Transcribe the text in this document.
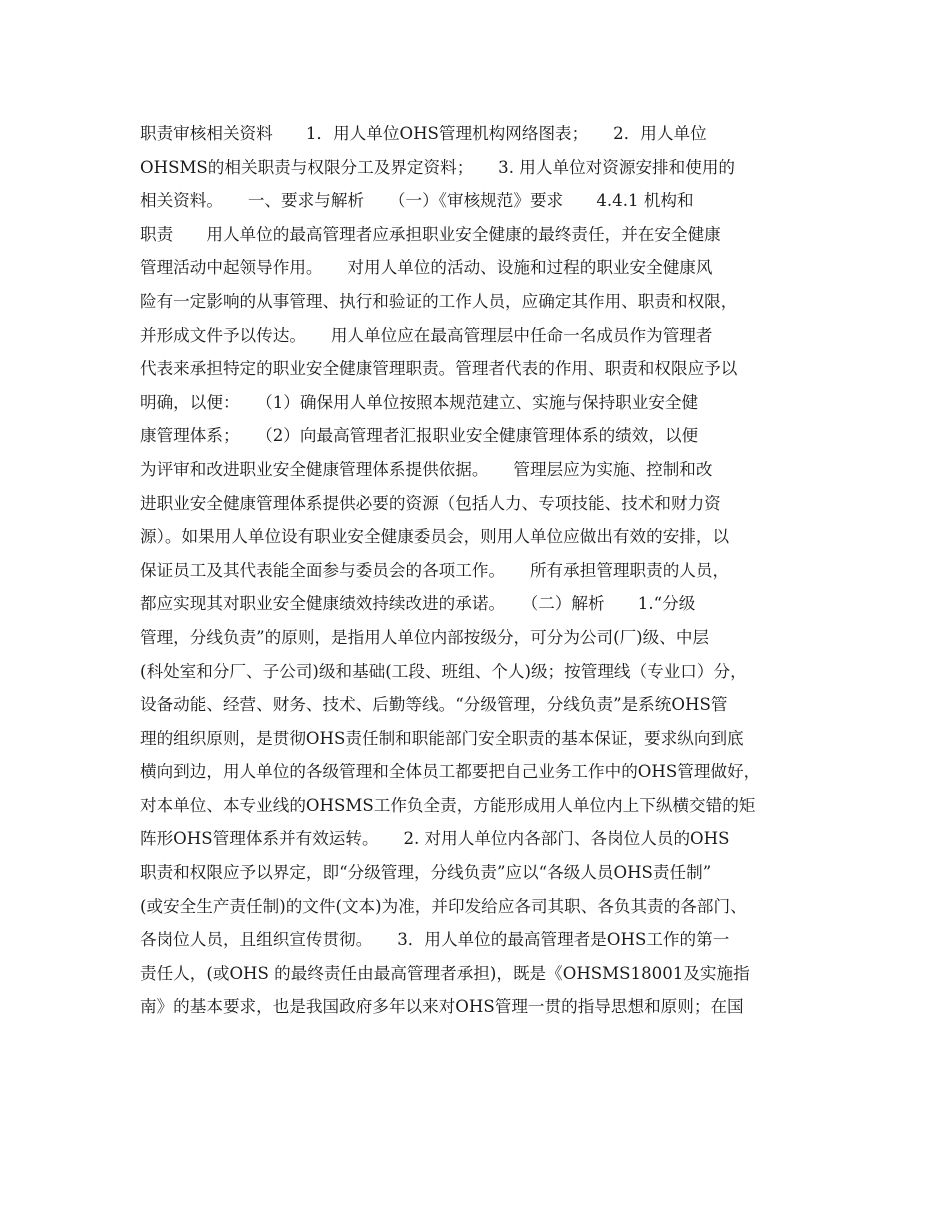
职责审核相关资料　　1．用人单位OHS管理机构网络图表；　　2．用人单位
OHSMS的相关职责与权限分工及界定资料；　　3. 用人单位对资源安排和使用的
相关资料。　　一、要求与解析　　（一）《审核规范》要求　　4.4.1 机构和
职责　　用人单位的最高管理者应承担职业安全健康的最终责任，并在安全健康
管理活动中起领导作用。　　对用人单位的活动、设施和过程的职业安全健康风
险有一定影响的从事管理、执行和验证的工作人员，应确定其作用、职责和权限，
并形成文件予以传达。　　用人单位应在最高管理层中任命一名成员作为管理者
代表来承担特定的职业安全健康管理职责。管理者代表的作用、职责和权限应予以
明确，以便：　　（1）确保用人单位按照本规范建立、实施与保持职业安全健
康管理体系；　　（2）向最高管理者汇报职业安全健康管理体系的绩效，以便
为评审和改进职业安全健康管理体系提供依据。　　管理层应为实施、控制和改
进职业安全健康管理体系提供必要的资源（包括人力、专项技能、技术和财力资
源）。如果用人单位设有职业安全健康委员会，则用人单位应做出有效的安排，以
保证员工及其代表能全面参与委员会的各项工作。　　所有承担管理职责的人员，
都应实现其对职业安全健康绩效持续改进的承诺。　　（二）解析　　1.“分级
管理，分线负责”的原则，是指用人单位内部按级分，可分为公司(厂)级、中层
(科处室和分厂、子公司)级和基础(工段、班组、个人)级；按管理线（专业口）分，
设备动能、经营、财务、技术、后勤等线。“分级管理，分线负责”是系统OHS管
理的组织原则，是贯彻OHS责任制和职能部门安全职责的基本保证，要求纵向到底
横向到边，用人单位的各级管理和全体员工都要把自己业务工作中的OHS管理做好，
对本单位、本专业线的OHSMS工作负全责，方能形成用人单位内上下纵横交错的矩
阵形OHS管理体系并有效运转。　　2. 对用人单位内各部门、各岗位人员的OHS
职责和权限应予以界定，即“分级管理，分线负责”应以“各级人员OHS责任制”
(或安全生产责任制)的文件(文本)为准，并印发给应各司其职、各负其责的各部门、
各岗位人员，且组织宣传贯彻。　　3．用人单位的最高管理者是OHS工作的第一
责任人，(或OHS 的最终责任由最高管理者承担)，既是《OHSMS18001及实施指
南》的基本要求，也是我国政府多年以来对OHS管理一贯的指导思想和原则；在国
